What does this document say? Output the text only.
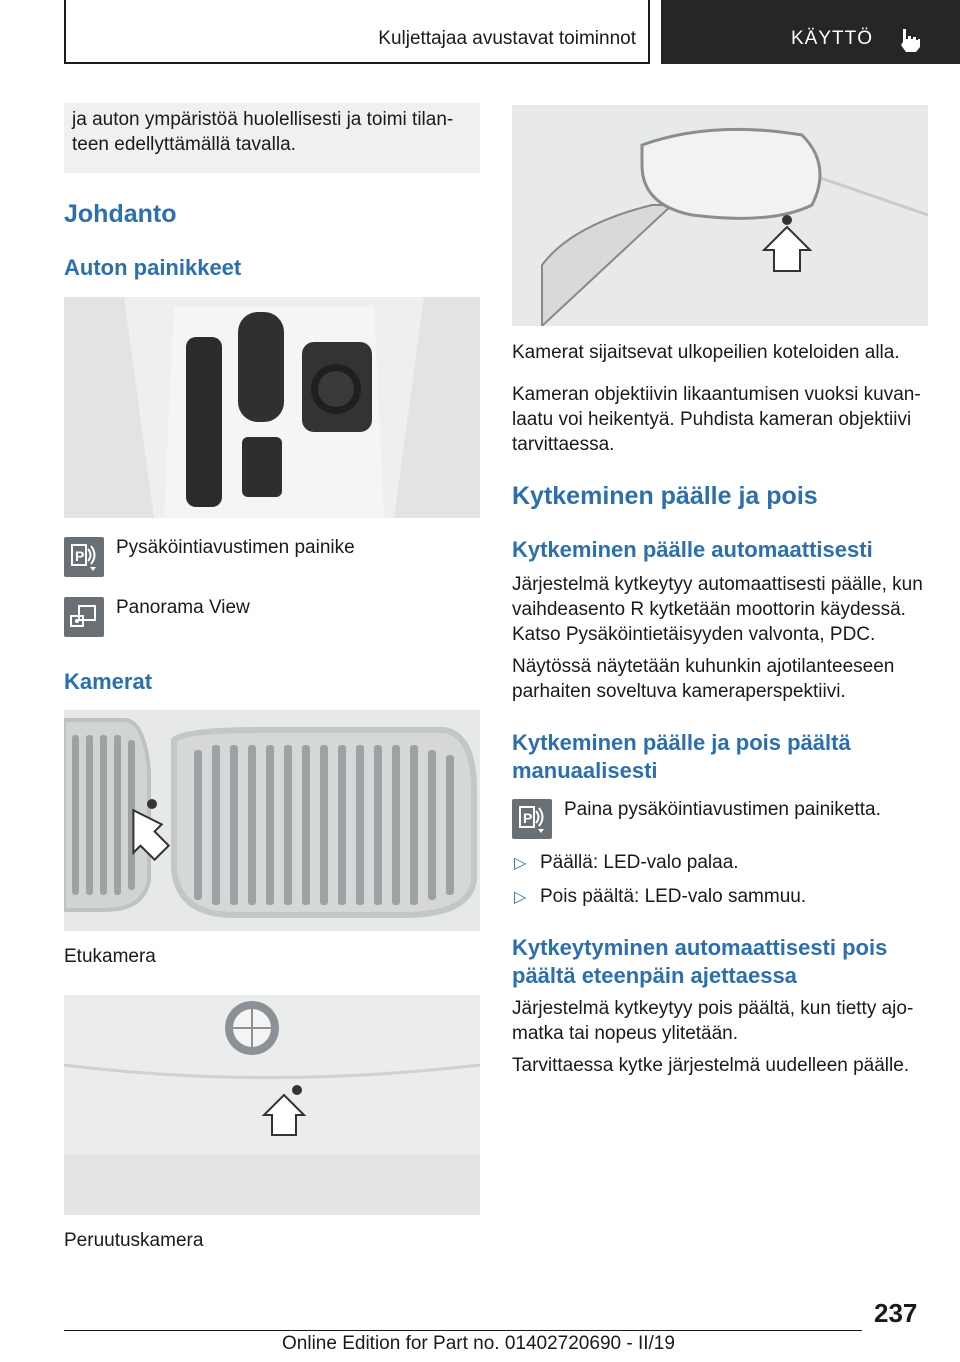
Kuljettajaa avustavat toiminnot	KÄYTTÖ
ja auton ympäristöä huolellisesti ja toimi tilan‐
teen edellyttämällä tavalla.
Johdanto
Auton painikkeet
P Pysäköintiavustimen painike
Panorama View
Kamerat
Etukamera
Peruutuskamera
Kamerat sijaitsevat ulkopeilien koteloiden alla.
Kameran objektiivin likaantumisen vuoksi kuvan‐
laatu voi heikentyä. Puhdista kameran objektiivi
tarvittaessa.
Kytkeminen päälle ja pois
Kytkeminen päälle automaattisesti
Järjestelmä kytkeytyy automaattisesti päälle, kun
vaihdeasento R kytketään moottorin käydessä.
Katso Pysäköintietäisyyden valvonta, PDC.
Näytössä näytetään kuhunkin ajotilanteeseen
parhaiten soveltuva kameraperspektiivi.
Kytkeminen päälle ja pois päältä
manuaalisesti
P Paina pysäköintiavustimen painiketta.
▷ Päällä: LED-valo palaa.
▷ Pois päältä: LED-valo sammuu.
Kytkeytyminen automaattisesti pois
päältä eteenpäin ajettaessa
Järjestelmä kytkeytyy pois päältä, kun tietty ajo‐
matka tai nopeus ylitetään.
Tarvittaessa kytke järjestelmä uudelleen päälle.
237
Online Edition for Part no. 01402720690 - II/19
